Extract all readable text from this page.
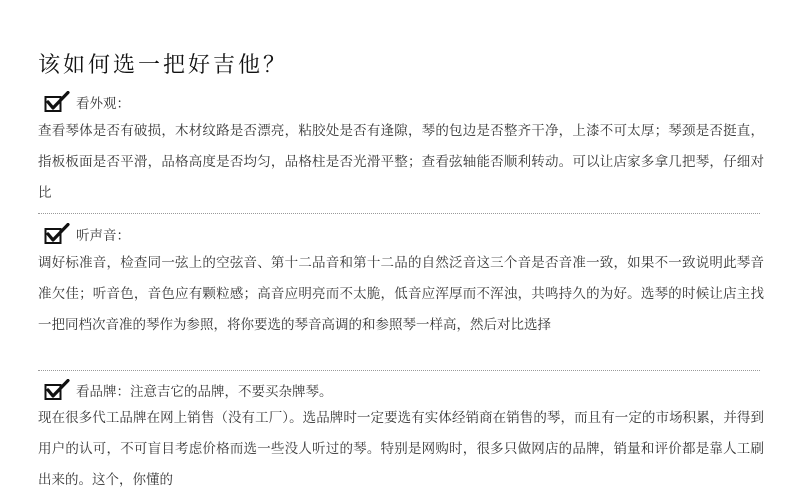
该如何选一把好吉他？
看外观：
查看琴体是否有破损，木材纹路是否漂亮，粘胶处是否有逢隙，琴的包边是否整齐干净，上漆不可太厚；琴颈是否挺直，指板板面是否平滑，品格高度是否均匀，品格柱是否光滑平整；查看弦轴能否顺利转动。可以让店家多拿几把琴，仔细对比
听声音：
调好标准音，检查同一弦上的空弦音、第十二品音和第十二品的自然泛音这三个音是否音准一致，如果不一致说明此琴音准欠佳；听音色，音色应有颗粒感；高音应明亮而不太脆，低音应浑厚而不浑浊，共鸣持久的为好。选琴的时候让店主找一把同档次音准的琴作为参照，将你要选的琴音高调的和参照琴一样高，然后对比选择
看品牌：注意吉它的品牌，不要买杂牌琴。
现在很多代工品牌在网上销售（没有工厂）。选品牌时一定要选有实体经销商在销售的琴，而且有一定的市场积累，并得到用户的认可，不可盲目考虑价格而选一些没人听过的琴。特别是网购时，很多只做网店的品牌，销量和评价都是靠人工刷出来的。这个，你懂的
